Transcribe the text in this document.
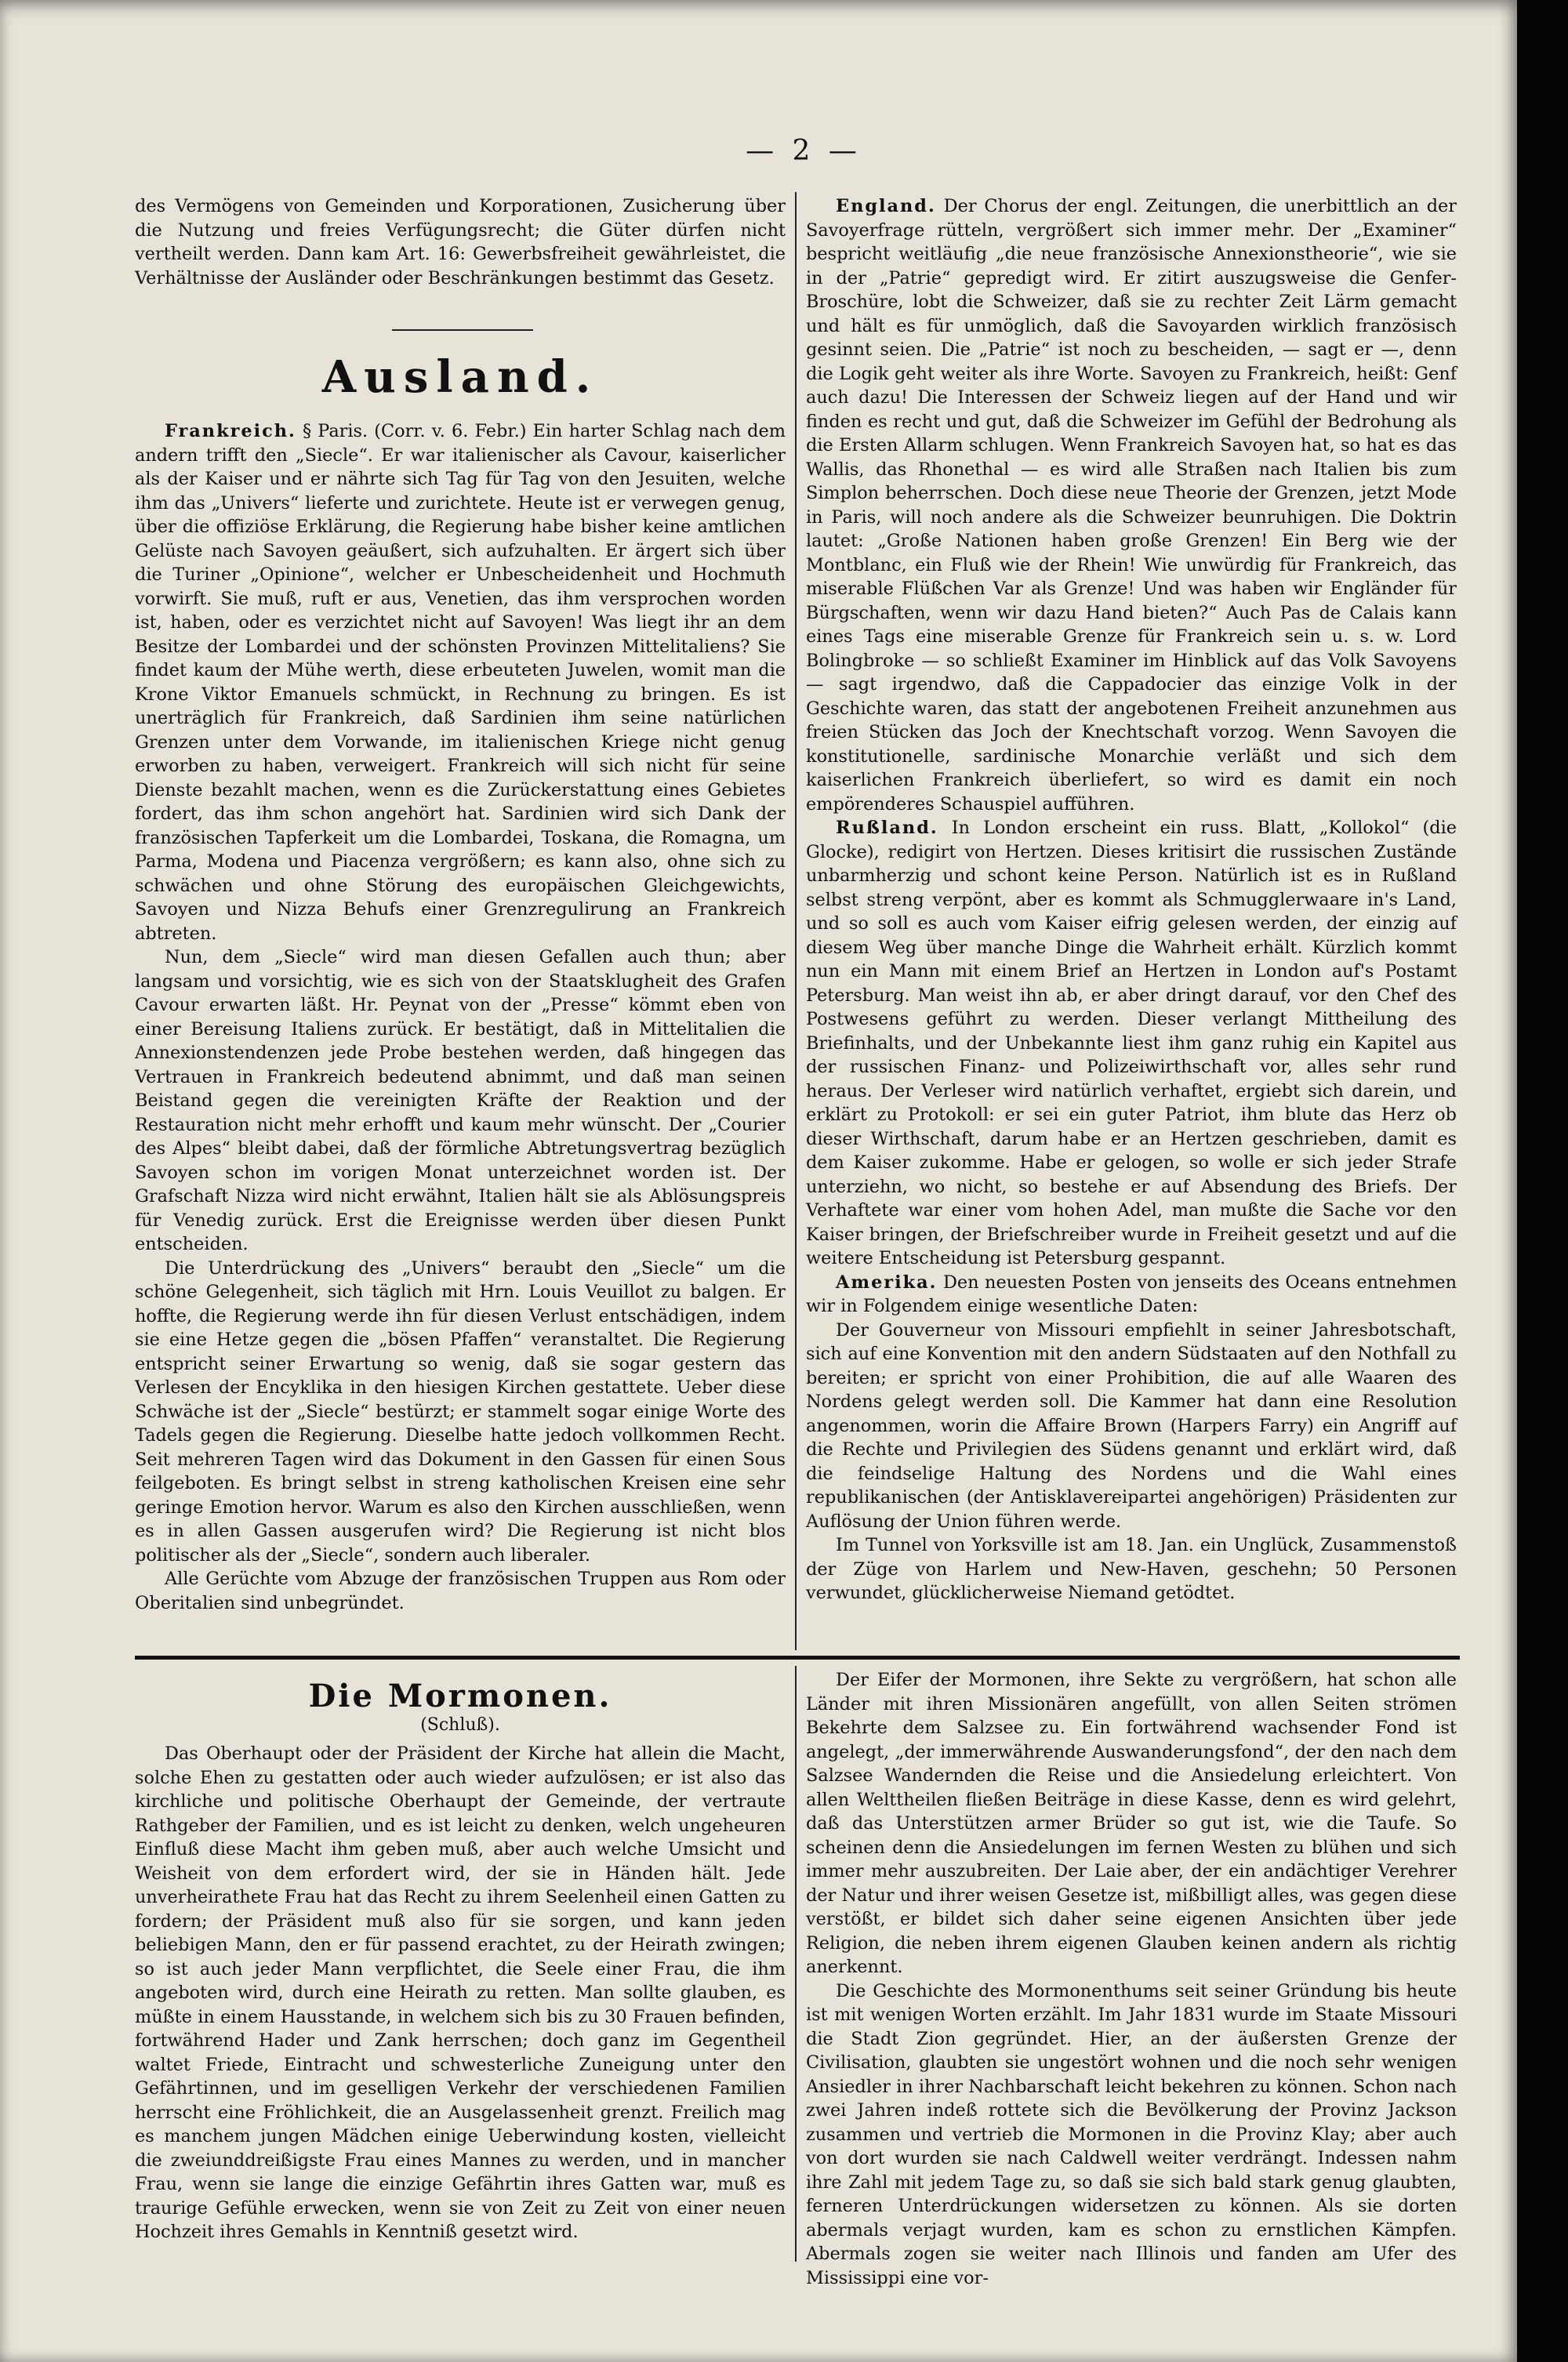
— 2 —

des Vermögens von Gemeinden und Korporationen, Zusicherung über die Nutzung und freies Verfügungsrecht; die Güter dürfen nicht vertheilt werden. Dann kam Art. 16: Gewerbsfreiheit gewährleistet, die Verhältnisse der Ausländer oder Beschränkungen bestimmt das Gesetz.

Ausland.

Frankreich. § Paris. (Corr. v. 6. Febr.) Ein harter Schlag nach dem andern trifft den „Siecle“. Er war italienischer als Cavour, kaiserlicher als der Kaiser und er nährte sich Tag für Tag von den Jesuiten, welche ihm das „Univers“ lieferte und zurichtete. Heute ist er verwegen genug, über die offiziöse Erklärung, die Regierung habe bisher keine amtlichen Gelüste nach Savoyen geäußert, sich aufzuhalten. Er ärgert sich über die Turiner „Opinione“, welcher er Unbescheidenheit und Hochmuth vorwirft. Sie muß, ruft er aus, Venetien, das ihm versprochen worden ist, haben, oder es verzichtet nicht auf Savoyen! Was liegt ihr an dem Besitze der Lombardei und der schönsten Provinzen Mittelitaliens? Sie findet kaum der Mühe werth, diese erbeuteten Juwelen, womit man die Krone Viktor Emanuels schmückt, in Rechnung zu bringen. Es ist unerträglich für Frankreich, daß Sardinien ihm seine natürlichen Grenzen unter dem Vorwande, im italienischen Kriege nicht genug erworben zu haben, verweigert. Frankreich will sich nicht für seine Dienste bezahlt machen, wenn es die Zurückerstattung eines Gebietes fordert, das ihm schon angehört hat. Sardinien wird sich Dank der französischen Tapferkeit um die Lombardei, Toskana, die Romagna, um Parma, Modena und Piacenza vergrößern; es kann also, ohne sich zu schwächen und ohne Störung des europäischen Gleichgewichts, Savoyen und Nizza Behufs einer Grenzregulirung an Frankreich abtreten.

Nun, dem „Siecle“ wird man diesen Gefallen auch thun; aber langsam und vorsichtig, wie es sich von der Staatsklugheit des Grafen Cavour erwarten läßt. Hr. Peynat von der „Presse“ kömmt eben von einer Bereisung Italiens zurück. Er bestätigt, daß in Mittelitalien die Annexionstendenzen jede Probe bestehen werden, daß hingegen das Vertrauen in Frankreich bedeutend abnimmt, und daß man seinen Beistand gegen die vereinigten Kräfte der Reaktion und der Restauration nicht mehr erhofft und kaum mehr wünscht. Der „Courier des Alpes“ bleibt dabei, daß der förmliche Abtretungsvertrag bezüglich Savoyen schon im vorigen Monat unterzeichnet worden ist. Der Grafschaft Nizza wird nicht erwähnt, Italien hält sie als Ablösungspreis für Venedig zurück. Erst die Ereignisse werden über diesen Punkt entscheiden.

Die Unterdrückung des „Univers“ beraubt den „Siecle“ um die schöne Gelegenheit, sich täglich mit Hrn. Louis Veuillot zu balgen. Er hoffte, die Regierung werde ihn für diesen Verlust entschädigen, indem sie eine Hetze gegen die „bösen Pfaffen“ veranstaltet. Die Regierung entspricht seiner Erwartung so wenig, daß sie sogar gestern das Verlesen der Encyklika in den hiesigen Kirchen gestattete. Ueber diese Schwäche ist der „Siecle“ bestürzt; er stammelt sogar einige Worte des Tadels gegen die Regierung. Dieselbe hatte jedoch vollkommen Recht. Seit mehreren Tagen wird das Dokument in den Gassen für einen Sous feilgeboten. Es bringt selbst in streng katholischen Kreisen eine sehr geringe Emotion hervor. Warum es also den Kirchen ausschließen, wenn es in allen Gassen ausgerufen wird? Die Regierung ist nicht blos politischer als der „Siecle“, sondern auch liberaler.

Alle Gerüchte vom Abzuge der französischen Truppen aus Rom oder Oberitalien sind unbegründet.

England. Der Chorus der engl. Zeitungen, die unerbittlich an der Savoyerfrage rütteln, vergrößert sich immer mehr. Der „Examiner“ bespricht weitläufig „die neue französische Annexionstheorie“, wie sie in der „Patrie“ gepredigt wird. Er zitirt auszugsweise die Genfer-Broschüre, lobt die Schweizer, daß sie zu rechter Zeit Lärm gemacht und hält es für unmöglich, daß die Savoyarden wirklich französisch gesinnt seien. Die „Patrie“ ist noch zu bescheiden, — sagt er —, denn die Logik geht weiter als ihre Worte. Savoyen zu Frankreich, heißt: Genf auch dazu! Die Interessen der Schweiz liegen auf der Hand und wir finden es recht und gut, daß die Schweizer im Gefühl der Bedrohung als die Ersten Allarm schlugen. Wenn Frankreich Savoyen hat, so hat es das Wallis, das Rhonethal — es wird alle Straßen nach Italien bis zum Simplon beherrschen. Doch diese neue Theorie der Grenzen, jetzt Mode in Paris, will noch andere als die Schweizer beunruhigen. Die Doktrin lautet: „Große Nationen haben große Grenzen! Ein Berg wie der Montblanc, ein Fluß wie der Rhein! Wie unwürdig für Frankreich, das miserable Flüßchen Var als Grenze! Und was haben wir Engländer für Bürgschaften, wenn wir dazu Hand bieten?“ Auch Pas de Calais kann eines Tags eine miserable Grenze für Frankreich sein u. s. w. Lord Bolingbroke — so schließt Examiner im Hinblick auf das Volk Savoyens — sagt irgendwo, daß die Cappadocier das einzige Volk in der Geschichte waren, das statt der angebotenen Freiheit anzunehmen aus freien Stücken das Joch der Knechtschaft vorzog. Wenn Savoyen die konstitutionelle, sardinische Monarchie verläßt und sich dem kaiserlichen Frankreich überliefert, so wird es damit ein noch empörenderes Schauspiel aufführen.

Rußland. In London erscheint ein russ. Blatt, „Kollokol“ (die Glocke), redigirt von Hertzen. Dieses kritisirt die russischen Zustände unbarmherzig und schont keine Person. Natürlich ist es in Rußland selbst streng verpönt, aber es kommt als Schmugglerwaare in's Land, und so soll es auch vom Kaiser eifrig gelesen werden, der einzig auf diesem Weg über manche Dinge die Wahrheit erhält. Kürzlich kommt nun ein Mann mit einem Brief an Hertzen in London auf's Postamt Petersburg. Man weist ihn ab, er aber dringt darauf, vor den Chef des Postwesens geführt zu werden. Dieser verlangt Mittheilung des Briefinhalts, und der Unbekannte liest ihm ganz ruhig ein Kapitel aus der russischen Finanz- und Polizeiwirthschaft vor, alles sehr rund heraus. Der Verleser wird natürlich verhaftet, ergiebt sich darein, und erklärt zu Protokoll: er sei ein guter Patriot, ihm blute das Herz ob dieser Wirthschaft, darum habe er an Hertzen geschrieben, damit es dem Kaiser zukomme. Habe er gelogen, so wolle er sich jeder Strafe unterziehn, wo nicht, so bestehe er auf Absendung des Briefs. Der Verhaftete war einer vom hohen Adel, man mußte die Sache vor den Kaiser bringen, der Briefschreiber wurde in Freiheit gesetzt und auf die weitere Entscheidung ist Petersburg gespannt.

Amerika. Den neuesten Posten von jenseits des Oceans entnehmen wir in Folgendem einige wesentliche Daten:

Der Gouverneur von Missouri empfiehlt in seiner Jahresbotschaft, sich auf eine Konvention mit den andern Südstaaten auf den Nothfall zu bereiten; er spricht von einer Prohibition, die auf alle Waaren des Nordens gelegt werden soll. Die Kammer hat dann eine Resolution angenommen, worin die Affaire Brown (Harpers Farry) ein Angriff auf die Rechte und Privilegien des Südens genannt und erklärt wird, daß die feindselige Haltung des Nordens und die Wahl eines republikanischen (der Antisklavereipartei angehörigen) Präsidenten zur Auflösung der Union führen werde.

Im Tunnel von Yorksville ist am 18. Jan. ein Unglück, Zusammenstoß der Züge von Harlem und New-Haven, geschehn; 50 Personen verwundet, glücklicherweise Niemand getödtet.

Die Mormonen.
(Schluß).

Das Oberhaupt oder der Präsident der Kirche hat allein die Macht, solche Ehen zu gestatten oder auch wieder aufzulösen; er ist also das kirchliche und politische Oberhaupt der Gemeinde, der vertraute Rathgeber der Familien, und es ist leicht zu denken, welch ungeheuren Einfluß diese Macht ihm geben muß, aber auch welche Umsicht und Weisheit von dem erfordert wird, der sie in Händen hält. Jede unverheirathete Frau hat das Recht zu ihrem Seelenheil einen Gatten zu fordern; der Präsident muß also für sie sorgen, und kann jeden beliebigen Mann, den er für passend erachtet, zu der Heirath zwingen; so ist auch jeder Mann verpflichtet, die Seele einer Frau, die ihm angeboten wird, durch eine Heirath zu retten. Man sollte glauben, es müßte in einem Hausstande, in welchem sich bis zu 30 Frauen befinden, fortwährend Hader und Zank herrschen; doch ganz im Gegentheil waltet Friede, Eintracht und schwesterliche Zuneigung unter den Gefährtinnen, und im geselligen Verkehr der verschiedenen Familien herrscht eine Fröhlichkeit, die an Ausgelassenheit grenzt. Freilich mag es manchem jungen Mädchen einige Ueberwindung kosten, vielleicht die zweiunddreißigste Frau eines Mannes zu werden, und in mancher Frau, wenn sie lange die einzige Gefährtin ihres Gatten war, muß es traurige Gefühle erwecken, wenn sie von Zeit zu Zeit von einer neuen Hochzeit ihres Gemahls in Kenntniß gesetzt wird.

Der Eifer der Mormonen, ihre Sekte zu vergrößern, hat schon alle Länder mit ihren Missionären angefüllt, von allen Seiten strömen Bekehrte dem Salzsee zu. Ein fortwährend wachsender Fond ist angelegt, „der immerwährende Auswanderungsfond“, der den nach dem Salzsee Wandernden die Reise und die Ansiedelung erleichtert. Von allen Welttheilen fließen Beiträge in diese Kasse, denn es wird gelehrt, daß das Unterstützen armer Brüder so gut ist, wie die Taufe. So scheinen denn die Ansiedelungen im fernen Westen zu blühen und sich immer mehr auszubreiten. Der Laie aber, der ein andächtiger Verehrer der Natur und ihrer weisen Gesetze ist, mißbilligt alles, was gegen diese verstößt, er bildet sich daher seine eigenen Ansichten über jede Religion, die neben ihrem eigenen Glauben keinen andern als richtig anerkennt.

Die Geschichte des Mormonenthums seit seiner Gründung bis heute ist mit wenigen Worten erzählt. Im Jahr 1831 wurde im Staate Missouri die Stadt Zion gegründet. Hier, an der äußersten Grenze der Civilisation, glaubten sie ungestört wohnen und die noch sehr wenigen Ansiedler in ihrer Nachbarschaft leicht bekehren zu können. Schon nach zwei Jahren indeß rottete sich die Bevölkerung der Provinz Jackson zusammen und vertrieb die Mormonen in die Provinz Klay; aber auch von dort wurden sie nach Caldwell weiter verdrängt. Indessen nahm ihre Zahl mit jedem Tage zu, so daß sie sich bald stark genug glaubten, ferneren Unterdrückungen widersetzen zu können. Als sie dorten abermals verjagt wurden, kam es schon zu ernstlichen Kämpfen. Abermals zogen sie weiter nach Illinois und fanden am Ufer des Mississippi eine vor-
